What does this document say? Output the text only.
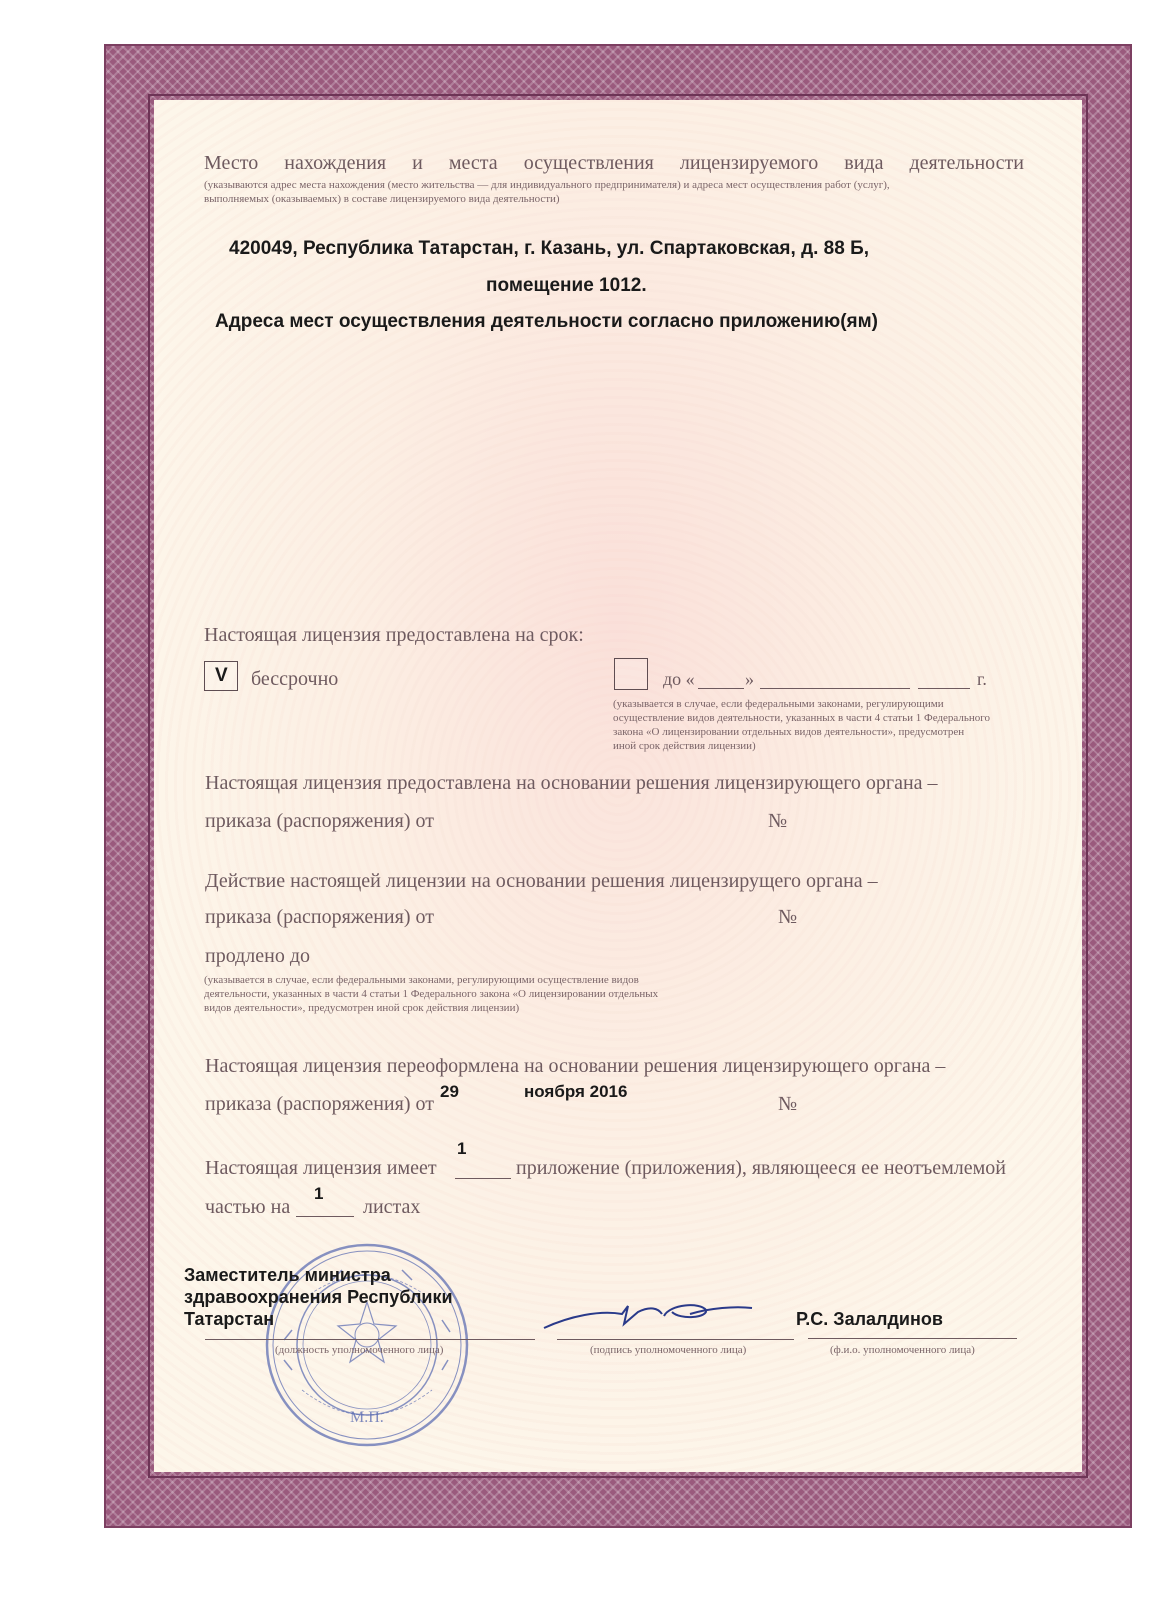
Место нахождения и места осуществления лицензируемого вида деятельности
(указываются адрес места нахождения (место жительства — для индивидуального предпринимателя) и адреса мест осуществления работ (услуг),
выполняемых (оказываемых) в составе лицензируемого вида деятельности)
420049, Республика Татарстан, г. Казань, ул. Спартаковская, д. 88 Б,
помещение 1012.
Адреса мест осуществления деятельности согласно приложению(ям)
Настоящая лицензия предоставлена на срок:
V бессрочно	до «	»	г.
(указывается в случае, если федеральными законами, регулирующими
осуществление видов деятельности, указанных в части 4 статьи 1 Федерального
закона «О лицензировании отдельных видов деятельности», предусмотрен
иной срок действия лицензии)
Настоящая лицензия предоставлена на основании решения лицензирующего органа –
приказа (распоряжения) от	№
Действие настоящей лицензии на основании решения лицензирущего органа –
приказа (распоряжения) от	№
продлено до
(указывается в случае, если федеральными законами, регулирующими осуществление видов
деятельности, указанных в части 4 статьи 1 Федерального закона «О лицензировании отдельных
видов деятельности», предусмотрен иной срок действия лицензии)
Настоящая лицензия переоформлена на основании решения лицензирующего органа –
приказа (распоряжения) от
29	ноября 2016
№
1
Настоящая лицензия имеет	приложение (приложения), являющееся ее неотъемлемой
1
частью на	листах
М.П.
Заместитель министра
здравоохранения Республики
Татарстан
(должность уполномоченного лица)	(подпись уполномоченного лица)
Р.С. Залалдинов
(ф.и.о. уполномоченного лица)
